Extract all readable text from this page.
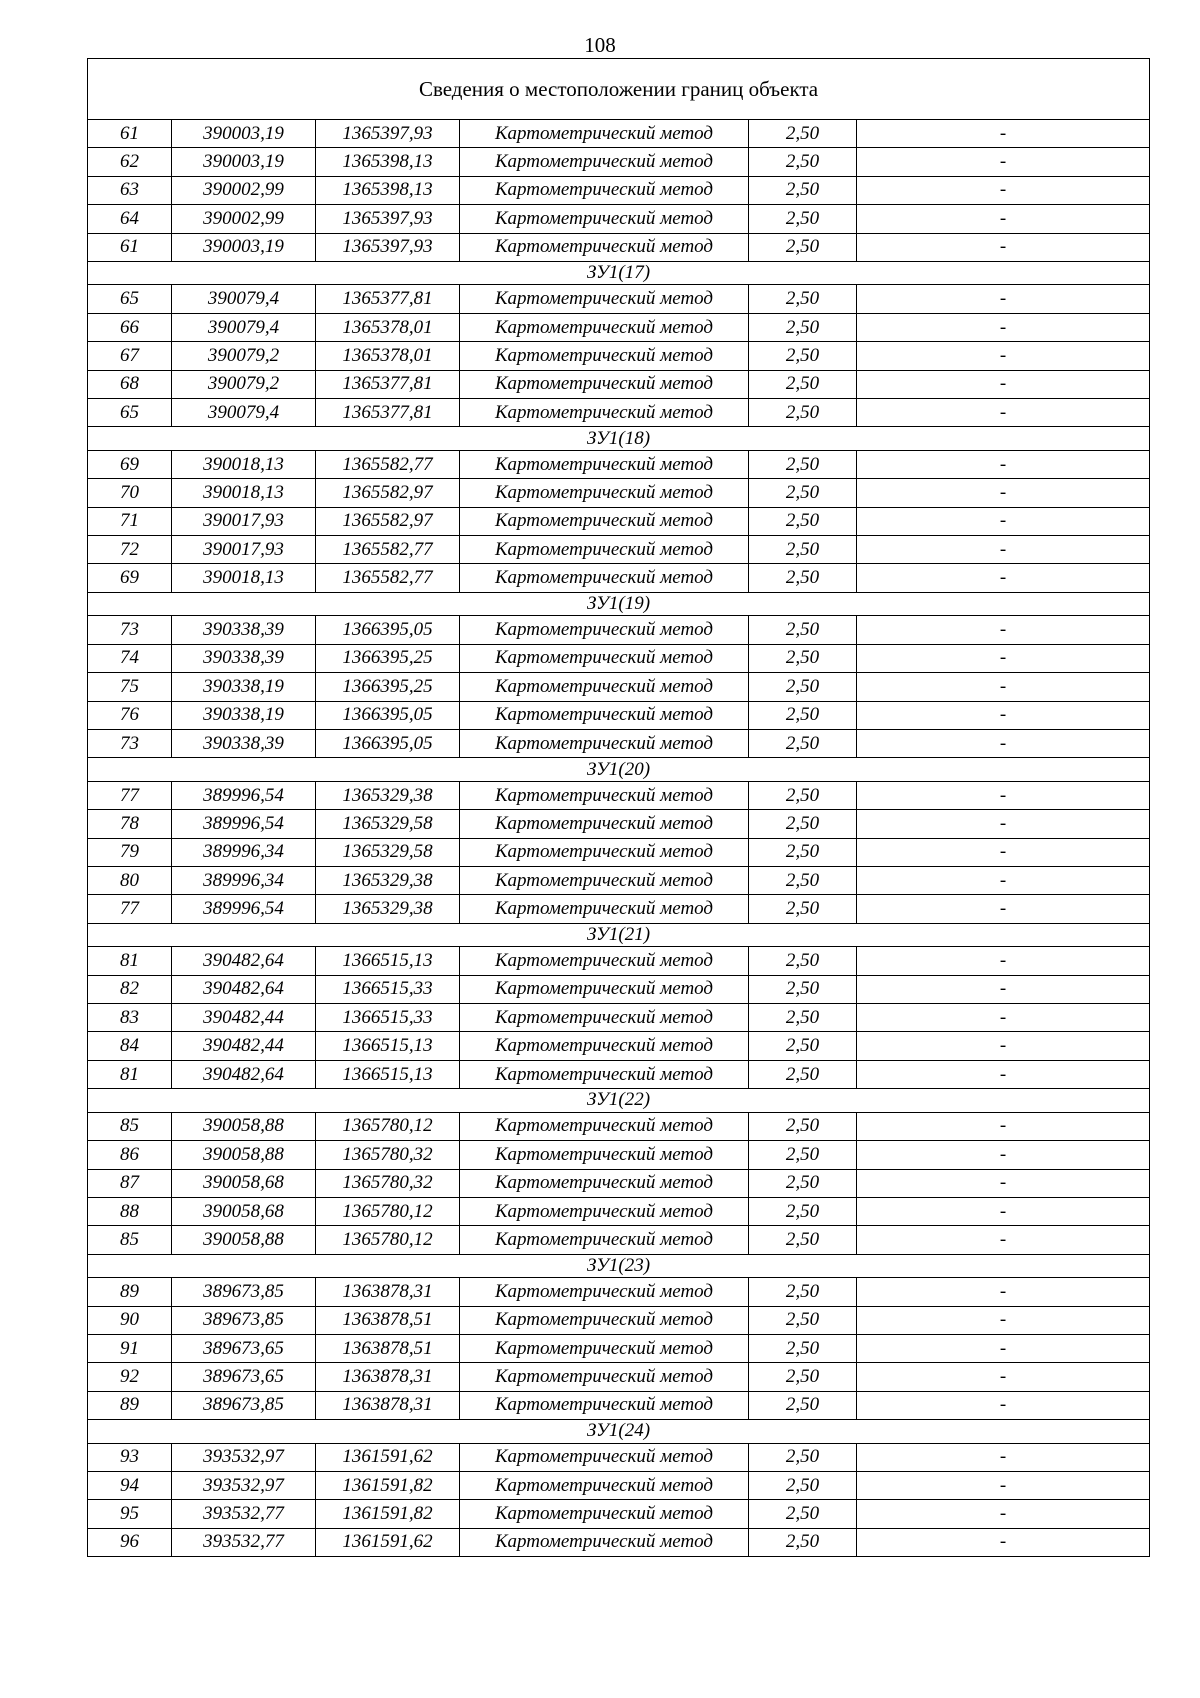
108
Сведения о местоположении границ объекта					
61	390003,19	1365397,93	Картометрический метод	2,50	-
62	390003,19	1365398,13	Картометрический метод	2,50	-
63	390002,99	1365398,13	Картометрический метод	2,50	-
64	390002,99	1365397,93	Картометрический метод	2,50	-
61	390003,19	1365397,93	Картометрический метод	2,50	-
ЗУ1(17)					
65	390079,4	1365377,81	Картометрический метод	2,50	-
66	390079,4	1365378,01	Картометрический метод	2,50	-
67	390079,2	1365378,01	Картометрический метод	2,50	-
68	390079,2	1365377,81	Картометрический метод	2,50	-
65	390079,4	1365377,81	Картометрический метод	2,50	-
ЗУ1(18)					
69	390018,13	1365582,77	Картометрический метод	2,50	-
70	390018,13	1365582,97	Картометрический метод	2,50	-
71	390017,93	1365582,97	Картометрический метод	2,50	-
72	390017,93	1365582,77	Картометрический метод	2,50	-
69	390018,13	1365582,77	Картометрический метод	2,50	-
ЗУ1(19)					
73	390338,39	1366395,05	Картометрический метод	2,50	-
74	390338,39	1366395,25	Картометрический метод	2,50	-
75	390338,19	1366395,25	Картометрический метод	2,50	-
76	390338,19	1366395,05	Картометрический метод	2,50	-
73	390338,39	1366395,05	Картометрический метод	2,50	-
ЗУ1(20)					
77	389996,54	1365329,38	Картометрический метод	2,50	-
78	389996,54	1365329,58	Картометрический метод	2,50	-
79	389996,34	1365329,58	Картометрический метод	2,50	-
80	389996,34	1365329,38	Картометрический метод	2,50	-
77	389996,54	1365329,38	Картометрический метод	2,50	-
ЗУ1(21)					
81	390482,64	1366515,13	Картометрический метод	2,50	-
82	390482,64	1366515,33	Картометрический метод	2,50	-
83	390482,44	1366515,33	Картометрический метод	2,50	-
84	390482,44	1366515,13	Картометрический метод	2,50	-
81	390482,64	1366515,13	Картометрический метод	2,50	-
ЗУ1(22)					
85	390058,88	1365780,12	Картометрический метод	2,50	-
86	390058,88	1365780,32	Картометрический метод	2,50	-
87	390058,68	1365780,32	Картометрический метод	2,50	-
88	390058,68	1365780,12	Картометрический метод	2,50	-
85	390058,88	1365780,12	Картометрический метод	2,50	-
ЗУ1(23)					
89	389673,85	1363878,31	Картометрический метод	2,50	-
90	389673,85	1363878,51	Картометрический метод	2,50	-
91	389673,65	1363878,51	Картометрический метод	2,50	-
92	389673,65	1363878,31	Картометрический метод	2,50	-
89	389673,85	1363878,31	Картометрический метод	2,50	-
ЗУ1(24)					
93	393532,97	1361591,62	Картометрический метод	2,50	-
94	393532,97	1361591,82	Картометрический метод	2,50	-
95	393532,77	1361591,82	Картометрический метод	2,50	-
96	393532,77	1361591,62	Картометрический метод	2,50	-
